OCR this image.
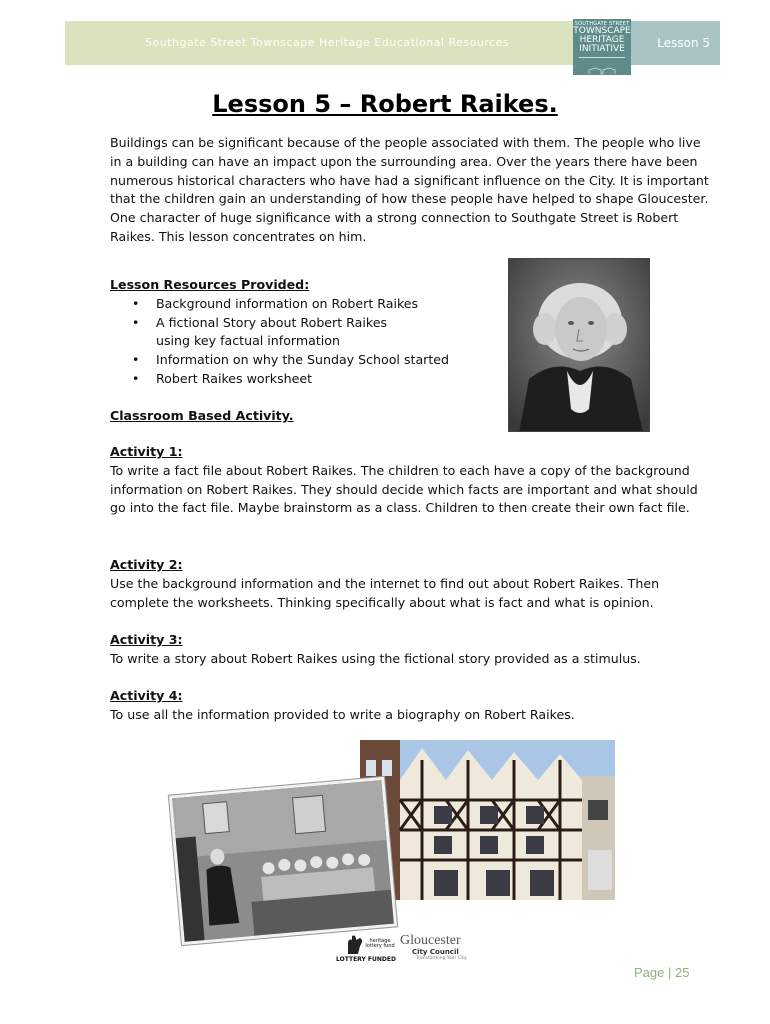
Southgate Street Townscape Heritage Educational Resources
SOUTHGATE STREET
TOWNSCAPE
HERITAGE
INITIATIVE	Lesson 5
Lesson 5 – Robert Raikes.

Buildings can be significant because of the people associated with them. The people who live in a building can have an impact upon the surrounding area. Over the years there have been numerous historical characters who have had a significant influence on the City. It is important that the children gain an understanding of how these people have helped to shape Gloucester. One character of huge significance with a strong connection to Southgate Street is Robert Raikes. This lesson concentrates on him.

Lesson Resources Provided:
• Background information on Robert Raikes
• A fictional Story about Robert Raikes
using key factual information
• Information on why the Sunday School started
• Robert Raikes worksheet
Classroom Based Activity.
Activity 1:
To write a fact file about Robert Raikes. The children to each have a copy of the background information on Robert Raikes. They should decide which facts are important and what should go into the fact file. Maybe brainstorm as a class. Children to then create their own fact file.
Activity 2:
Use the background information and the internet to find out about Robert Raikes. Then complete the worksheets. Thinking specifically about what is fact and what is opinion.
Activity 3:
To write a story about Robert Raikes using the fictional story provided as a stimulus.
Activity 4:
To use all the information provided to write a biography on Robert Raikes.
heritage lottery fund
LOTTERY FUNDED
Gloucester
City Council
Transforming Your City
Page | 25
